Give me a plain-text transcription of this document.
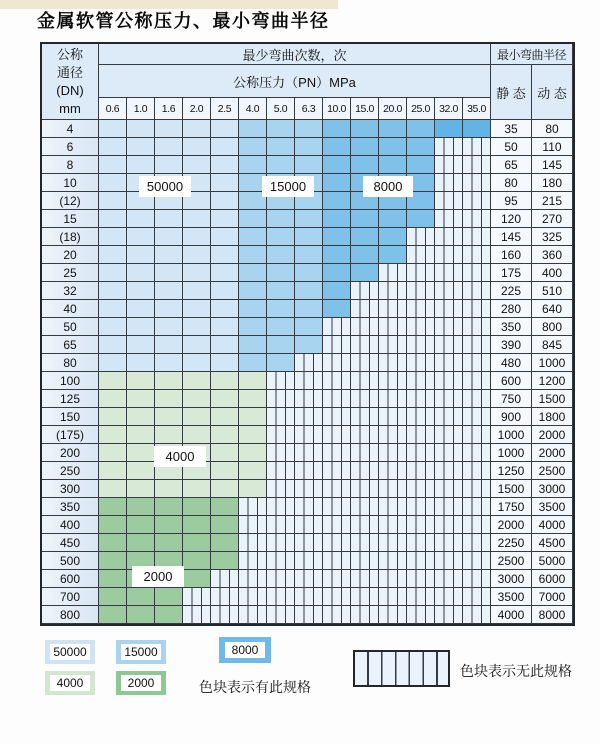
金属软管公称压力、最小弯曲半径
公称
通径
(DN)
mm
最少弯曲次数，次	最小弯曲半径
公称压力（PN）MPa
静 态 动 态
0.6	1.0	1.6	2.0	2.5	4.0	5.0	6.3	10.0 15.0 20.0 25.0 32.0 35.0
4	35	80
6	50	110
8	65	145
10	80	180
(12)	95	215
15	120	270
(18)	145	325
20	160	360
25	175	400
32	225	510
40	280	640
50	350	800
65	390	845
80	480	1000
100	600	1200
125	750	1500
150	900	1800
(175)	1000	2000
200	1000	2000
250	1250	2500
300	1500	3000
350	1750	3500
400	2000	4000
450	2250	4500
500	2500	5000
600	3000	6000
700	3500	7000
800	4000	8000
50000	15000	8000
4000
2000
50000	15000	8000
4000	2000	色块表示有此规格
色块表示无此规格
